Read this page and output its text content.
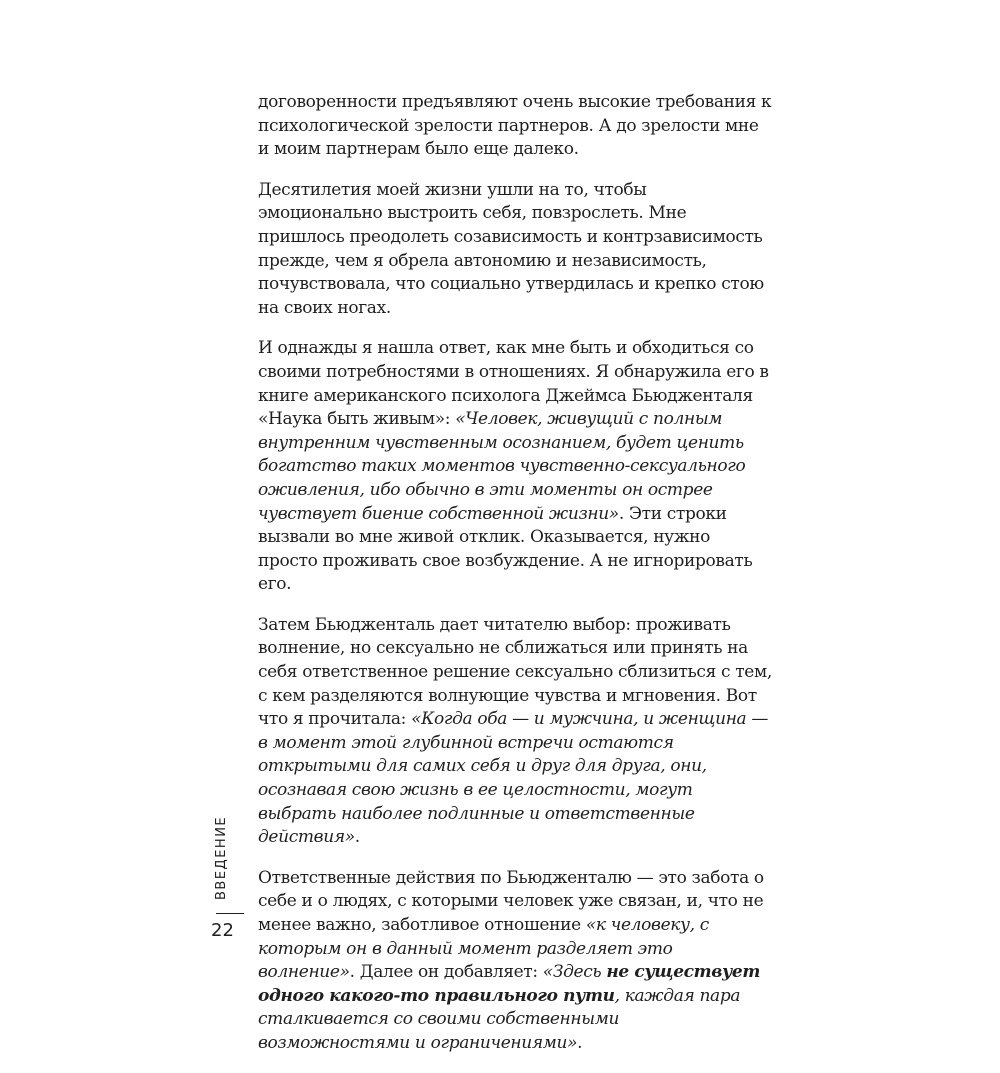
договоренности предъявляют очень высокие требования к психологической зрелости партнеров. А до зрелости мне и моим партнерам было еще далеко.

Десятилетия моей жизни ушли на то, чтобы эмоционально выстроить себя, повзрослеть. Мне пришлось преодолеть созависимость и контрзависимость прежде, чем я обрела автономию и независимость, почувствовала, что социально утвердилась и крепко стою на своих ногах.

И однажды я нашла ответ, как мне быть и обходиться со своими потребностями в отношениях. Я обнаружила его в книге американского психолога Джеймса Бьюдженталя «Наука быть живым»: «Человек, живущий с полным внутренним чувственным осознанием, будет ценить богатство таких моментов чувственно-сексуального оживления, ибо обычно в эти моменты он острее чувствует биение собственной жизни». Эти строки вызвали во мне живой отклик. Оказывается, нужно просто проживать свое возбуждение. А не игнорировать его.

Затем Бьюдженталь дает читателю выбор: проживать волнение, но сексуально не сближаться или принять на себя ответственное решение сексуально сблизиться с тем, с кем разделяются волнующие чувства и мгновения. Вот что я прочитала: «Когда оба — и мужчина, и женщина — в момент этой глубинной встречи остаются открытыми для самих себя и друг для друга, они, осознавая свою жизнь в ее целостности, могут выбрать наиболее подлинные и ответственные действия».

Ответственные действия по Бьюдженталю — это забота о себе и о людях, с которыми человек уже связан, и, что не менее важно, заботливое отношение «к человеку, с которым он в данный момент разделяет это волнение». Далее он добавляет: «Здесь не существует одного какого-то правильного пути, каждая пара сталкивается со своими собственными возможностями и ограничениями».

ВВЕДЕНИЕ
22
